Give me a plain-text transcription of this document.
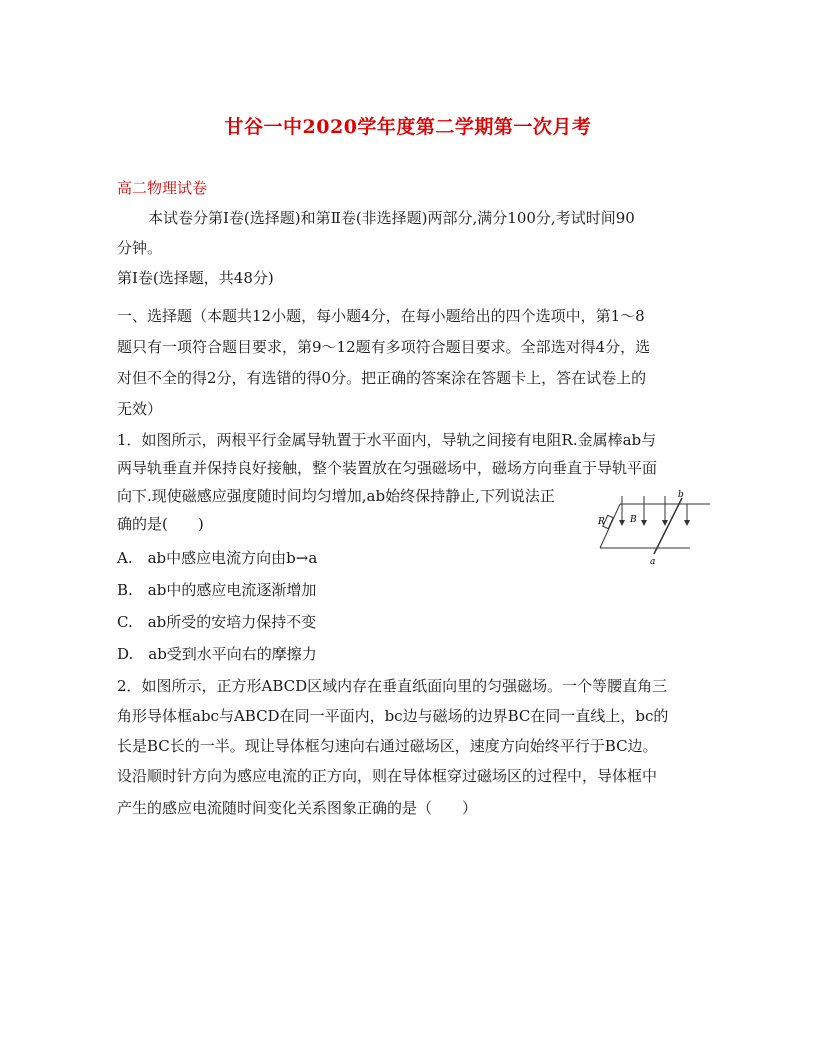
甘谷一中2020学年度第二学期第一次月考
高二物理试卷
本试卷分第Ⅰ卷(选择题)和第Ⅱ卷(非选择题)两部分,满分100分,考试时间90
分钟。
第Ⅰ卷(选择题，共48分)
一、选择题（本题共12小题，每小题4分，在每小题给出的四个选项中，第1～8
题只有一项符合题目要求，第9～12题有多项符合题目要求。全部选对得4分，选
对但不全的得2分，有选错的得0分。把正确的答案涂在答题卡上，答在试卷上的
无效）
1．如图所示，两根平行金属导轨置于水平面内，导轨之间接有电阻R.金属棒ab与
两导轨垂直并保持良好接触，整个装置放在匀强磁场中，磁场方向垂直于导轨平面
向下.现使磁感应强度随时间均匀增加,ab始终保持静止,下列说法正
确的是(　　)
A.　ab中感应电流方向由b→a
B.　ab中的感应电流逐渐增加
C.　ab所受的安培力保持不变
D.　ab受到水平向右的摩擦力
2．如图所示，正方形ABCD区域内存在垂直纸面向里的匀强磁场。一个等腰直角三
角形导体框abc与ABCD在同一平面内，bc边与磁场的边界BC在同一直线上，bc的
长是BC长的一半。现让导体框匀速向右通过磁场区，速度方向始终平行于BC边。
设沿顺时针方向为感应电流的正方向，则在导体框穿过磁场区的过程中，导体框中
产生的感应电流随时间变化关系图象正确的是（　　）
R	B
b
a
